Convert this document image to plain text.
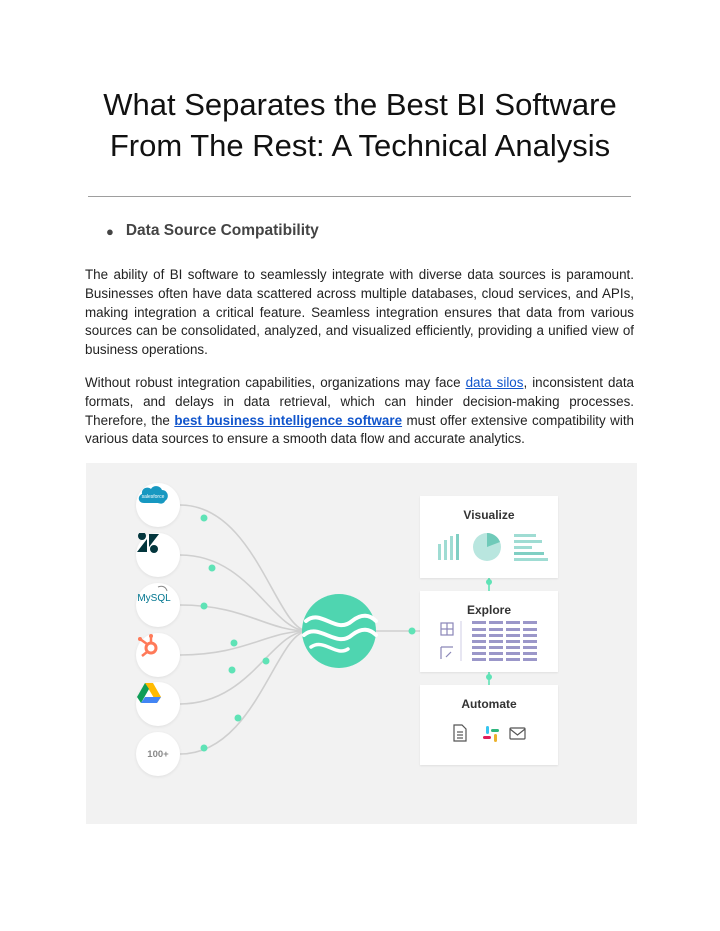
What Separates the Best BI Software
From The Rest: A Technical Analysis
● Data Source Compatibility

The ability of BI software to seamlessly integrate with diverse data sources is paramount. Businesses often have data scattered across multiple databases, cloud services, and APIs, making integration a critical feature. Seamless integration ensures that data from various sources can be consolidated, analyzed, and visualized efficiently, providing a unified view of business operations.

Without robust integration capabilities, organizations may face data silos, inconsistent data formats, and delays in data retrieval, which can hinder decision-making processes. Therefore, the best business intelligence software must offer extensive compatibility with various data sources to ensure a smooth data flow and accurate analytics.

salesforce
MySQL
100+
Visualize
Explore
Automate
